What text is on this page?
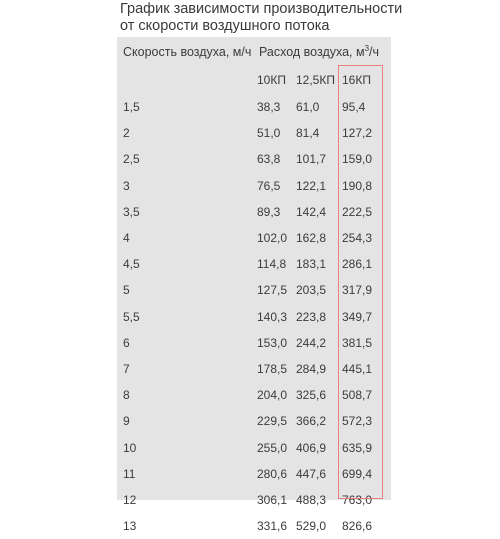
График зависимости производительности
от скорости воздушного потока
Скорость воздуха, м/ч	Расход воздуха, $м^3/ч$		
	10КП	12,5КП	16КП
1,5	38,3	61,0	95,4
2	51,0	81,4	127,2
2,5	63,8	101,7	159,0
3	76,5	122,1	190,8
3,5	89,3	142,4	222,5
4	102,0	162,8	254,3
4,5	114,8	183,1	286,1
5	127,5	203,5	317,9
5,5	140,3	223,8	349,7
6	153,0	244,2	381,5
7	178,5	284,9	445,1
8	204,0	325,6	508,7
9	229,5	366,2	572,3
10	255,0	406,9	635,9
11	280,6	447,6	699,4
12	306,1	488,3	763,0
13	331,6	529,0	826,6
